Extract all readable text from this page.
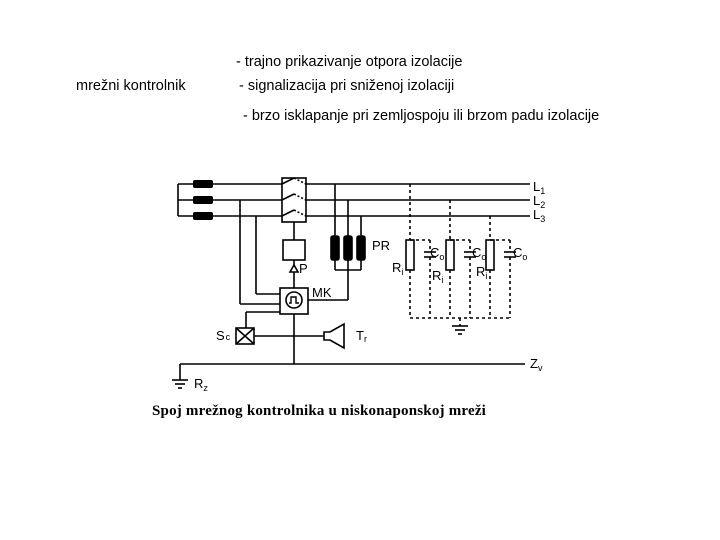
mrežni kontrolnik
- trajno prikazivanje otpora izolacije
- signalizacija pri sniženoj izolaciji
- brzo isklapanje pri zemljospoju ili brzom padu izolacije
$L_1$
$L_2$
$L_3$
PR
P
MK
Sc	Tr
$Z_v$
$R_z$
$C_o$ $C_o$ $C_o$
$R_i$ $R_i$
$R_i$
Spoj mrežnog kontrolnika u niskonaponskoj mreži
